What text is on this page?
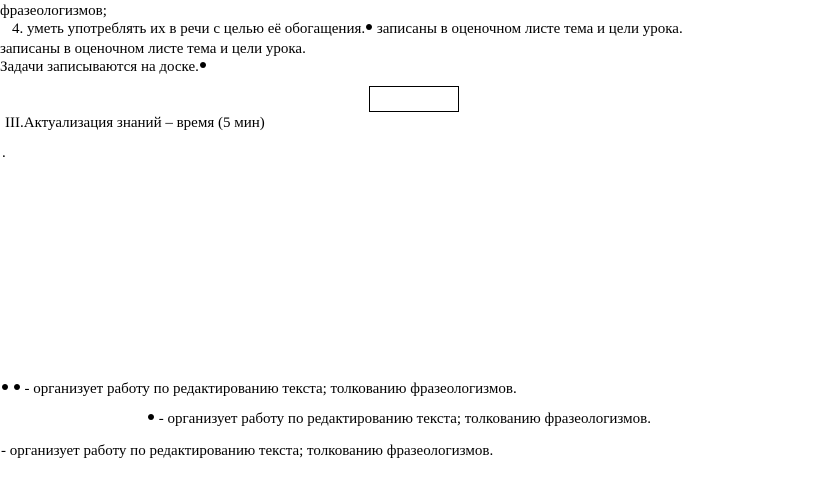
фразеологизмов;
4. уметь употреблять их в речи с целью её обогащения. записаны в оценочном листе тема и цели урока.
записаны в оценочном листе тема и цели урока.
Задачи записываются на доске.
III.Актуализация знаний – время (5 мин)
.
- организует работу по редактированию текста; толкованию фразеологизмов.
- организует работу по редактированию текста; толкованию фразеологизмов.
- организует работу по редактированию текста; толкованию фразеологизмов.
